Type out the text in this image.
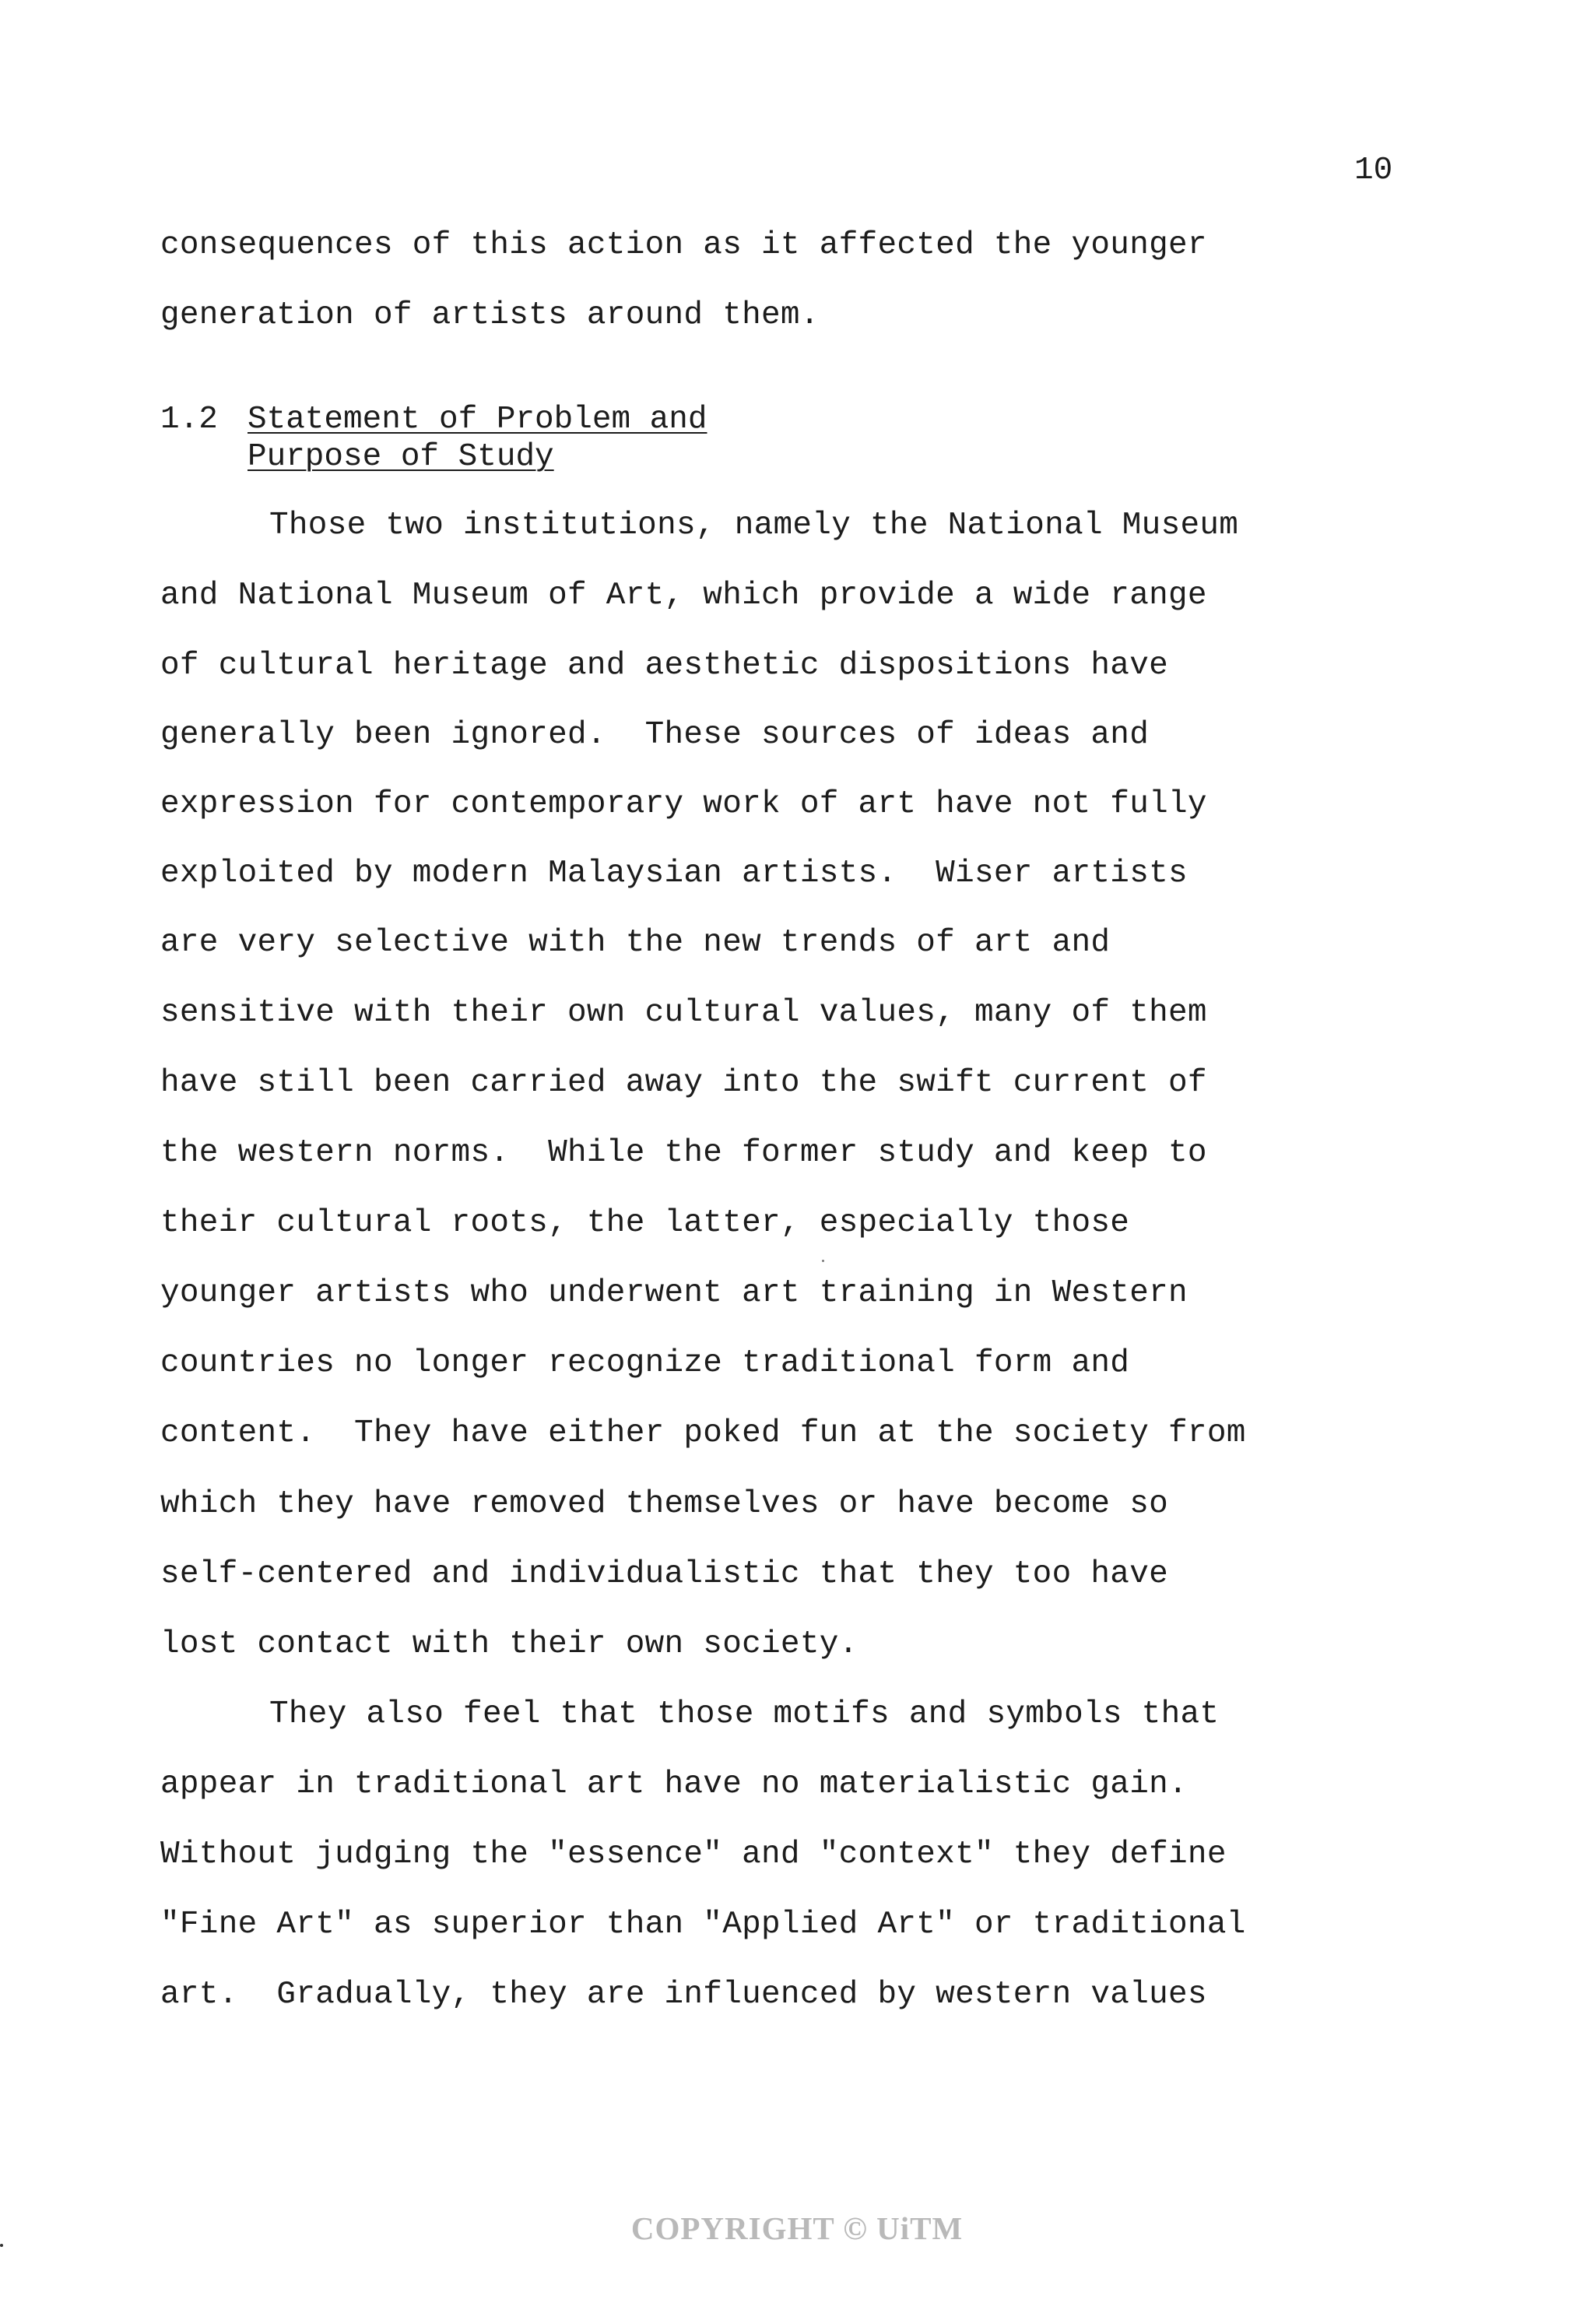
10
consequences of this action as it affected the younger
generation of artists around them.
1.2 Statement of Problem and
Purpose of Study
Those two institutions, namely the National Museum
and National Museum of Art, which provide a wide range
of cultural heritage and aesthetic dispositions have
generally been ignored.  These sources of ideas and
expression for contemporary work of art have not fully
exploited by modern Malaysian artists.  Wiser artists
are very selective with the new trends of art and
sensitive with their own cultural values, many of them
have still been carried away into the swift current of
the western norms.  While the former study and keep to
their cultural roots, the latter, especially those
younger artists who underwent art training in Western
countries no longer recognize traditional form and
content.  They have either poked fun at the society from
which they have removed themselves or have become so
self-centered and individualistic that they too have
lost contact with their own society.
They also feel that those motifs and symbols that
appear in traditional art have no materialistic gain.
Without judging the "essence" and "context" they define
"Fine Art" as superior than "Applied Art" or traditional
art.  Gradually, they are influenced by western values
COPYRIGHT © UiTM
